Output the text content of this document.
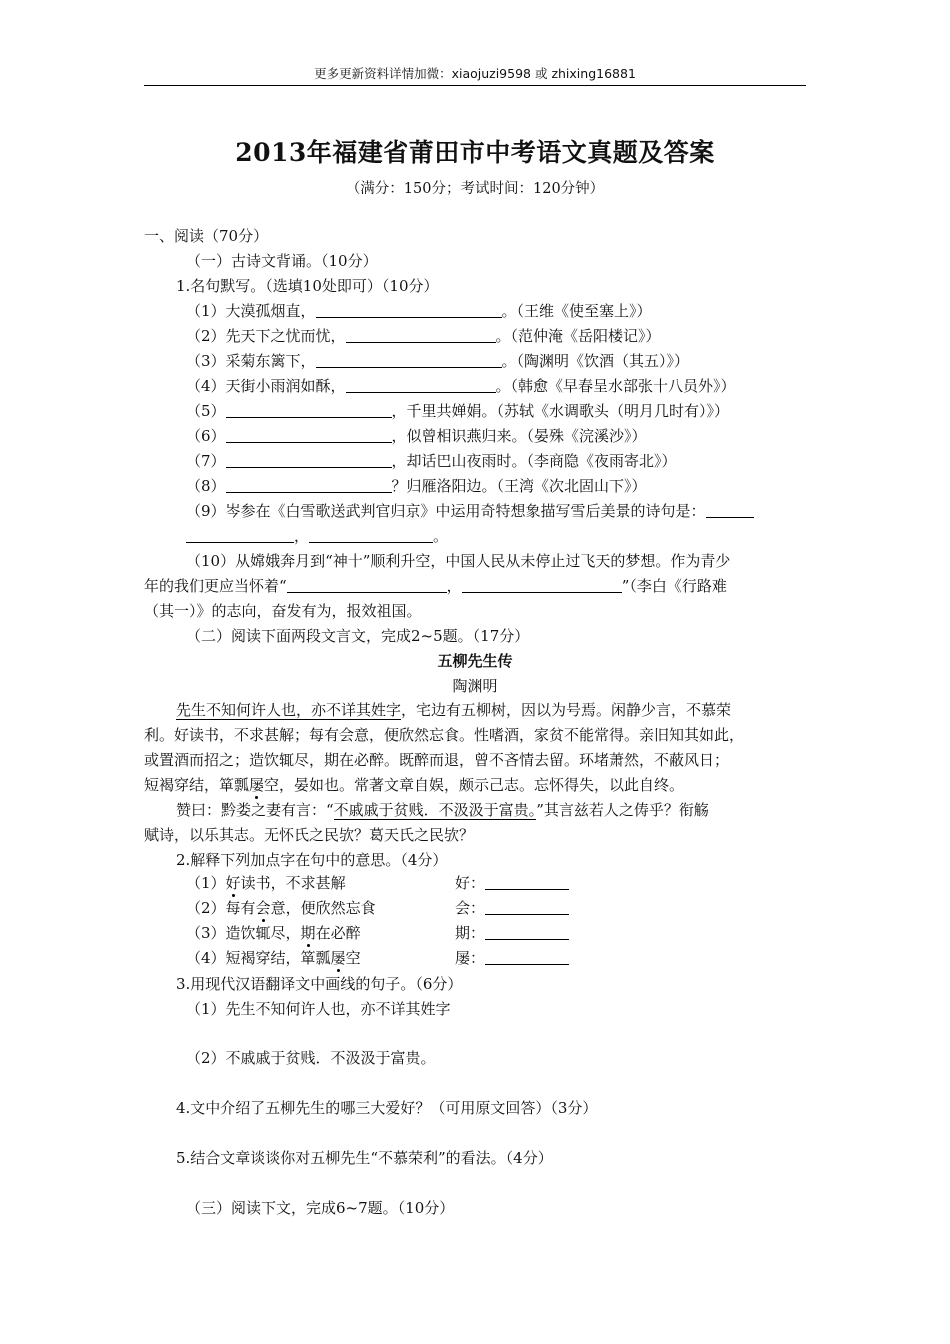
更多更新资料详情加微：xiaojuzi9598 或 zhixing16881
2013年福建省莆田市中考语文真题及答案
（满分：150分；考试时间：120分钟）
一、阅读（70分）
（一）古诗文背诵。（10分）
1.名句默写。（选填10处即可）（10分）
（1）大漠孤烟直，	。（王维《使至塞上》）
（2）先天下之忧而忧，	。（范仲淹《岳阳楼记》）
（3）采菊东篱下，	。（陶渊明《饮酒（其五）》）
（4）天街小雨润如酥，	。（韩愈《早春呈水部张十八员外》）
（5）	，千里共婵娟。（苏轼《水调歌头（明月几时有）》）
（6）	，似曾相识燕归来。（晏殊《浣溪沙》）
（7）	，却话巴山夜雨时。（李商隐《夜雨寄北》）
（8）	？归雁洛阳边。（王湾《次北固山下》）
（9）岑参在《白雪歌送武判官归京》中运用奇特想象描写雪后美景的诗句是：
，	。
（10）从嫦娥奔月到“神十”顺利升空，中国人民从未停止过飞天的梦想。作为青少
年的我们更应当怀着“	，	”（李白《行路难
（其一）》的志向，奋发有为，报效祖国。
（二）阅读下面两段文言文，完成2~5题。（17分）
五柳先生传
陶渊明
先生不知何许人也，亦不详其姓字，宅边有五柳树，因以为号焉。闲静少言，不慕荣
利。好读书，不求甚解；每有会意，便欣然忘食。性嗜酒，家贫不能常得。亲旧知其如此，
或置酒而招之；造饮辄尽，期在必醉。既醉而退，曾不吝情去留。环堵萧然，不蔽风日；
短褐穿结，箪瓢屡空，晏如也。常著文章自娱，颇示己志。忘怀得失，以此自终。
赞曰：黔娄之妻有言：“不戚戚于贫贱．不汲汲于富贵。”其言兹若人之俦乎？衔觞
赋诗，以乐其志。无怀氏之民欤？葛天氏之民欤？
2.解释下列加点字在句中的意思。（4分）
（1）好读书，不求甚解	好：
（2）每有会意，便欣然忘食	会：
（3）造饮辄尽，期在必醉	期：
（4）短褐穿结，箪瓢屡空	屡：
3.用现代汉语翻译文中画线的句子。（6分）
（1）先生不知何许人也，亦不详其姓字
（2）不戚戚于贫贱．不汲汲于富贵。
4.文中介绍了五柳先生的哪三大爱好？（可用原文回答）（3分）
5.结合文章谈谈你对五柳先生“不慕荣利”的看法。（4分）
（三）阅读下文，完成6~7题。（10分）
